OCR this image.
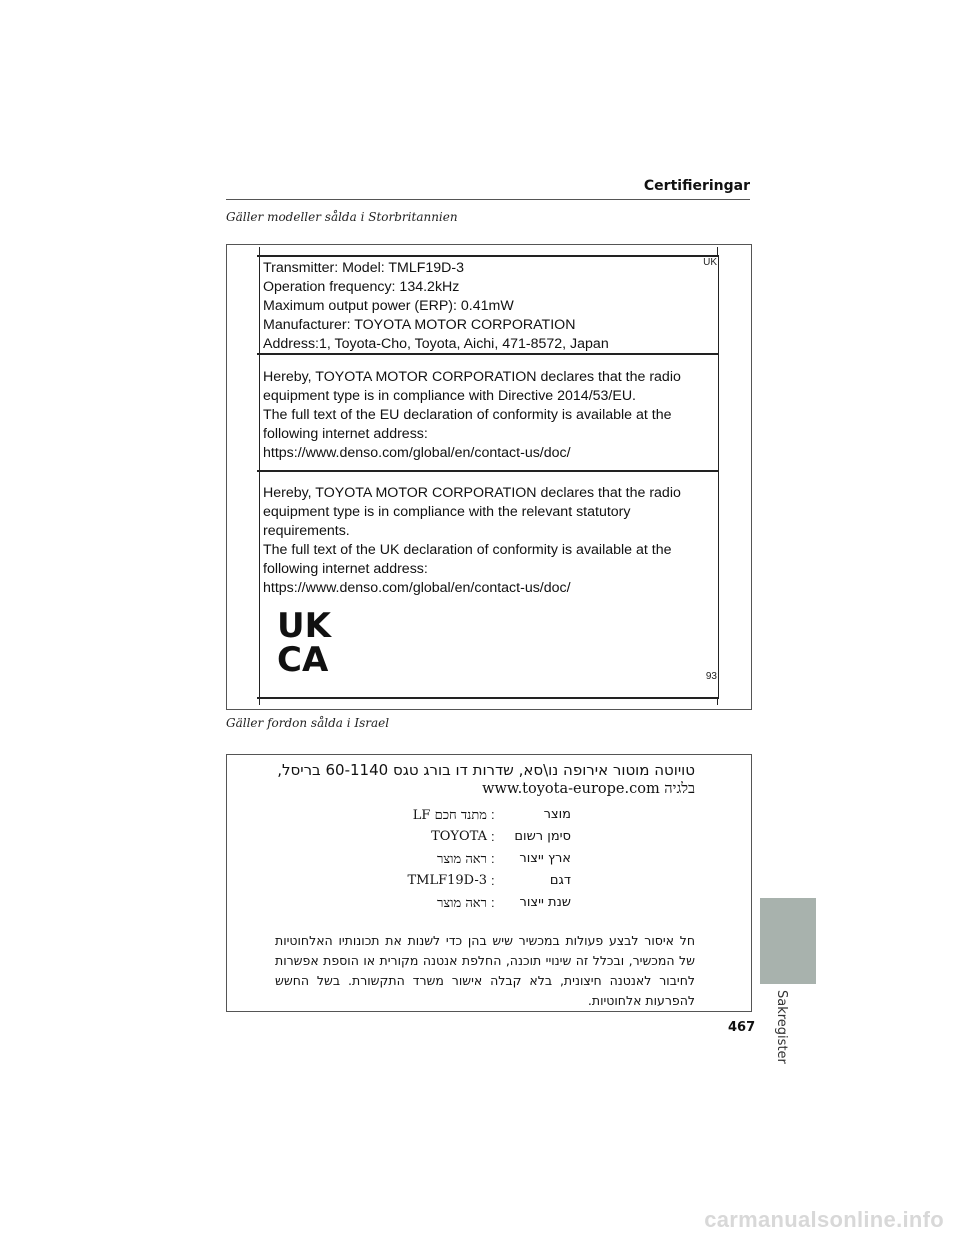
Certifieringar
Gäller modeller sålda i Storbritannien
UK
Transmitter: Model: TMLF19D-3
Operation frequency: 134.2kHz
Maximum output power (ERP): 0.41mW
Manufacturer: TOYOTA MOTOR CORPORATION
Address:1, Toyota-Cho, Toyota, Aichi, 471-8572, Japan
Hereby, TOYOTA MOTOR CORPORATION declares that the radio
equipment type is in compliance with Directive 2014/53/EU.
The full text of the EU declaration of conformity is available at the
following internet address:
https://www.denso.com/global/en/contact-us/doc/
Hereby, TOYOTA MOTOR CORPORATION declares that the radio
equipment type is in compliance with the relevant statutory
requirements.
The full text of the UK declaration of conformity is available at the
following internet address:
https://www.denso.com/global/en/contact-us/doc/
UK
CA	93
Gäller fordon sålda i Israel
טויוטה מוטור אירופה נו\סא, שדרות דו בורג טגס 60-1140 בריסל,
בלגיה www.toyota-europe.com
מוצר
:
מתנד חכם LF
סימן רשום
:
TOYOTA
ארץ ייצור
:
ראה מוצר
דגם
:
TMLF19D-3
שנת ייצור
:
ראה מוצר
חל איסור לבצע פעולות במכשיר שיש בהן כדי לשנות את תכונותיו האלחוטיות של המכשיר, ובכלל זה שינויי תוכנה, החלפת אנטנה מקורית או הוספת אפשרות לחיבור לאנטנה חיצונית, בלא קבלה אישור משרד התקשורת. בשל החשש להפרעות אלחוטיות.	Sakregister
467
carmanualsonline.info
